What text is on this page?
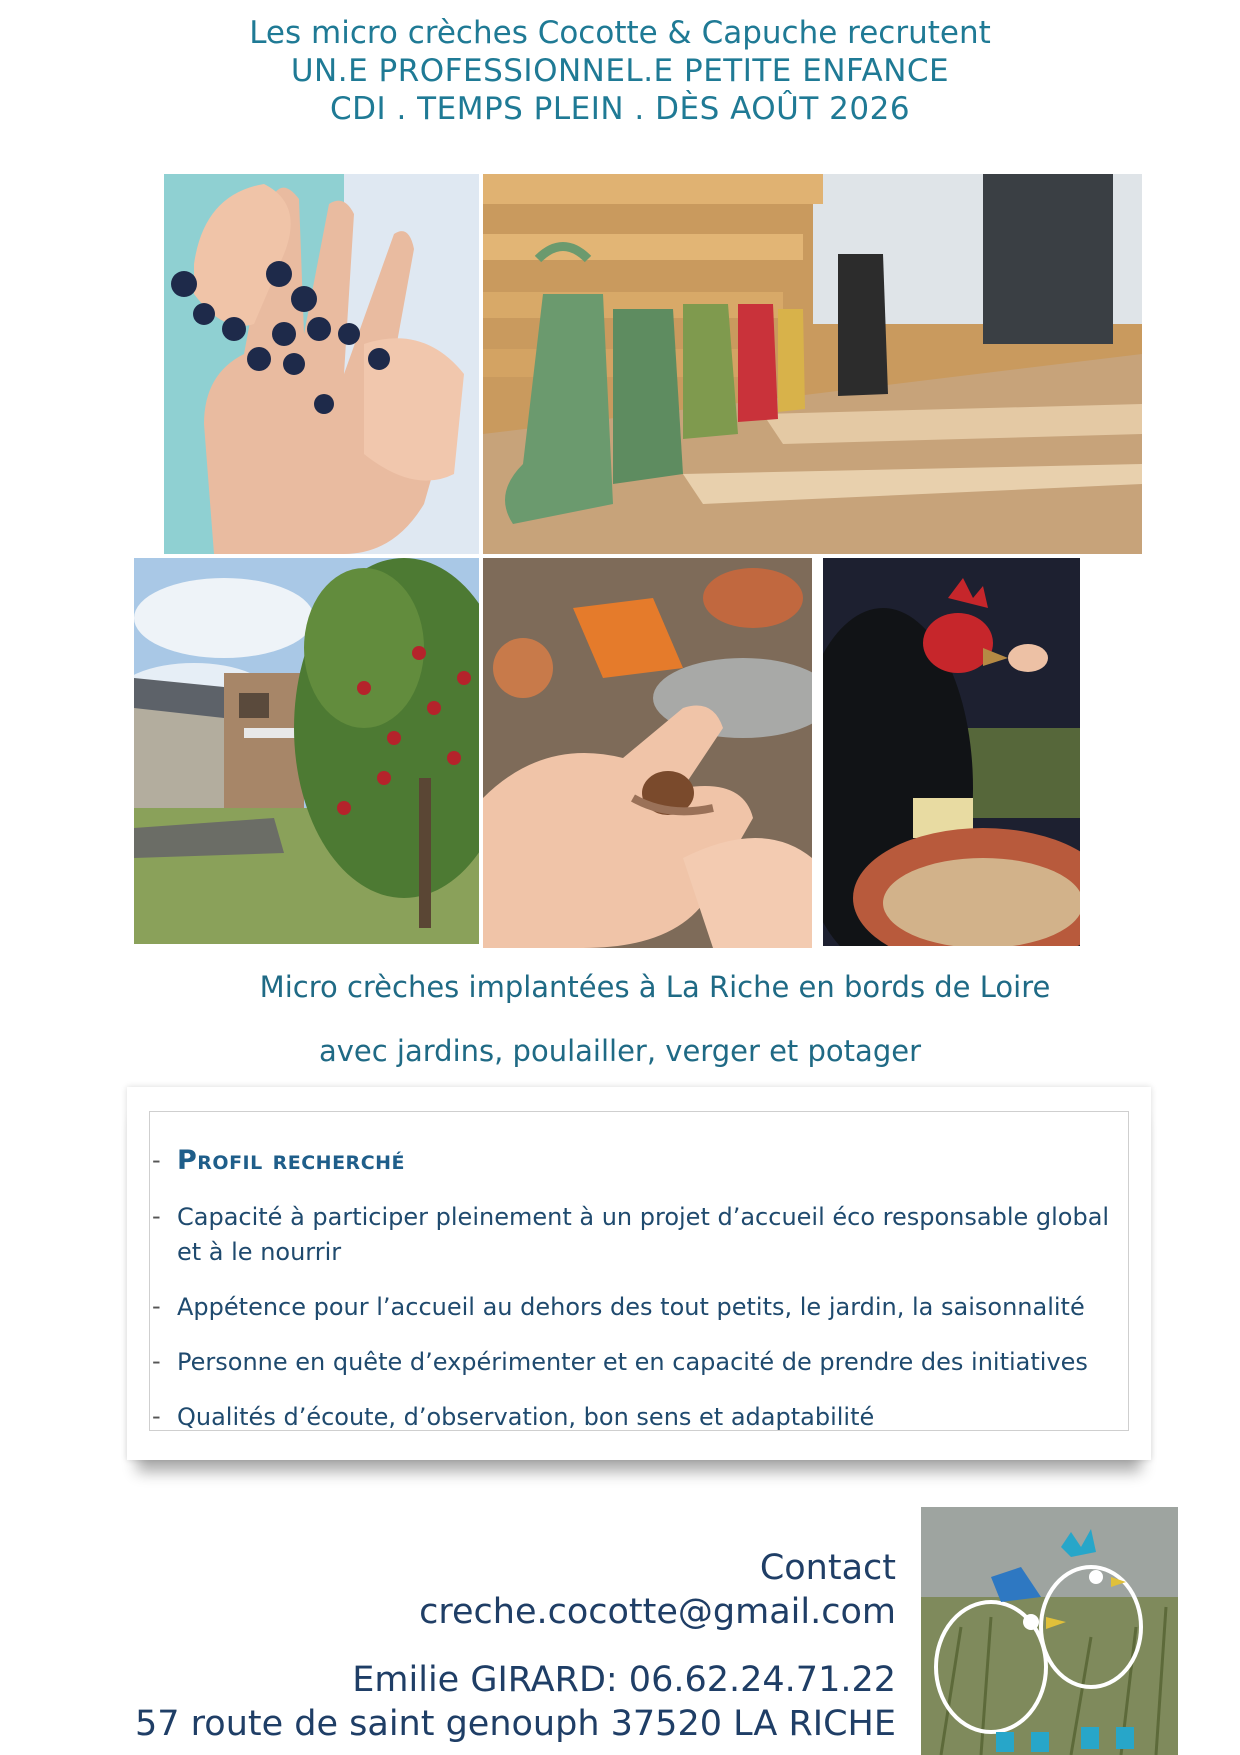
Les micro crèches Cocotte & Capuche recrutent
UN.E PROFESSIONNEL.E PETITE ENFANCE
CDI . TEMPS PLEIN . DÈS AOÛT 2026
Micro crèches implantées à La Riche en bords de Loire
avec jardins, poulailler, verger et potager
- Profil recherché
- Capacité à participer pleinement à un projet d’accueil éco responsable global et à le nourrir
- Appétence pour l’accueil au dehors des tout petits, le jardin, la saisonnalité
- Personne en quête d’expérimenter et en capacité de prendre des initiatives
- Qualités d’écoute, d’observation, bon sens et adaptabilité
Contact
creche.cocotte@gmail.com
Emilie GIRARD: 06.62.24.71.22
57 route de saint genouph 37520 LA RICHE
